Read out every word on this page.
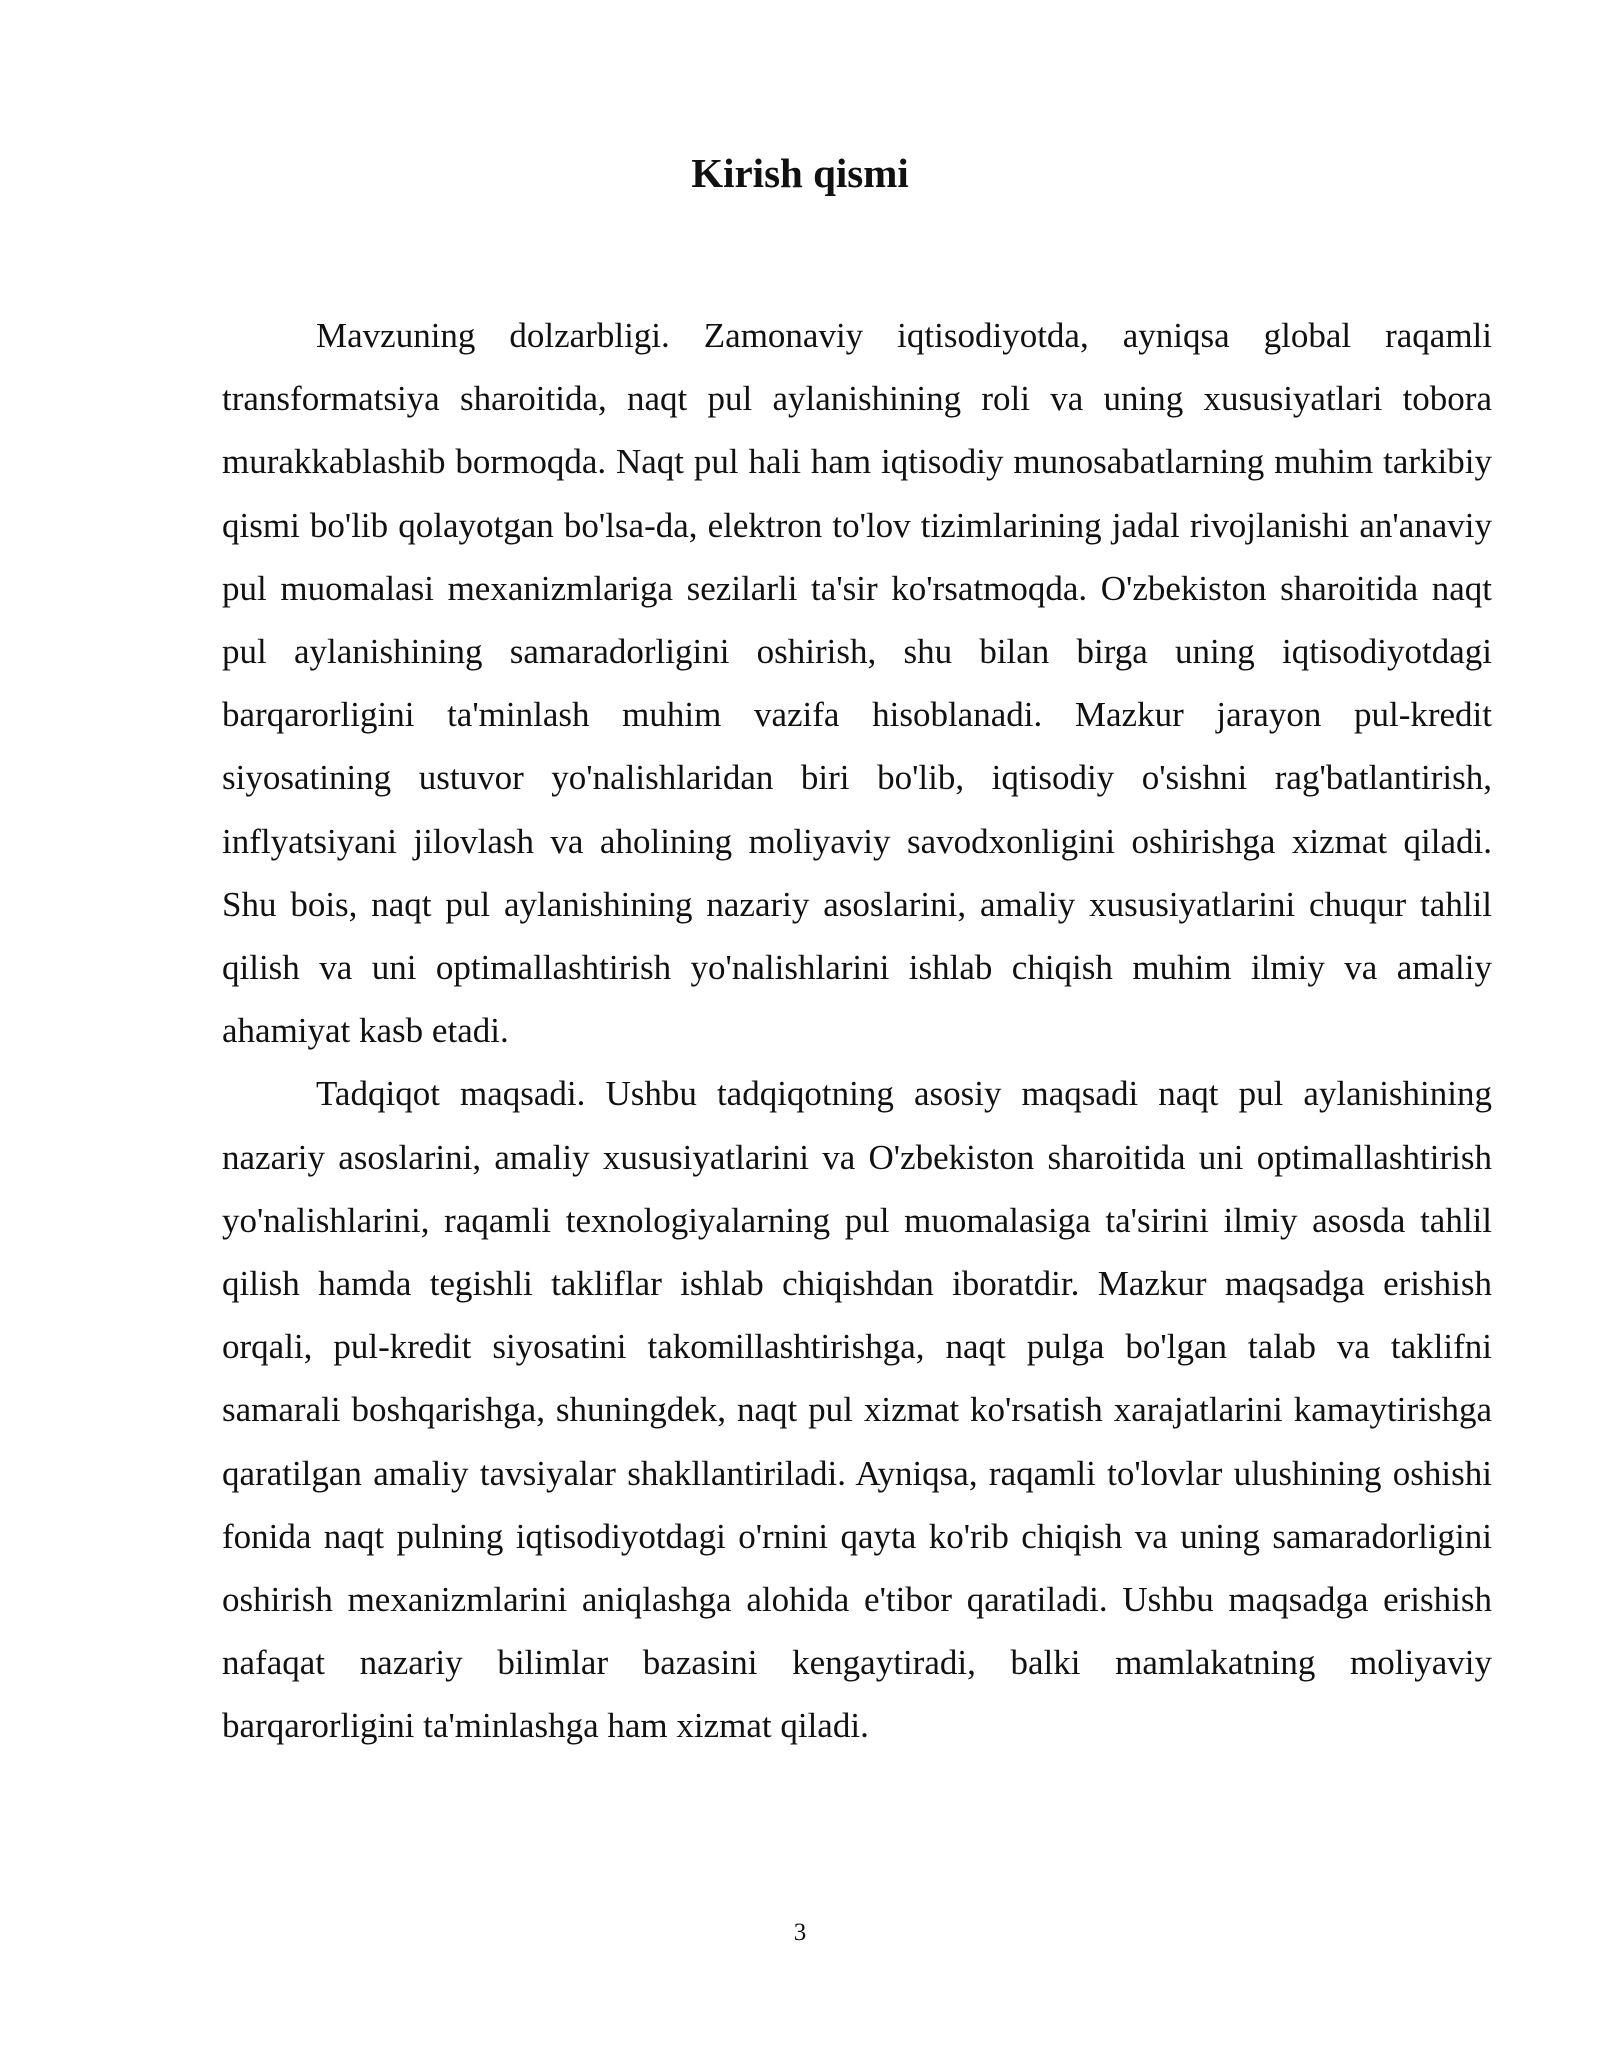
Kirish qismi

Mavzuning dolzarbligi. Zamonaviy iqtisodiyotda, ayniqsa global raqamli transformatsiya sharoitida, naqt pul aylanishining roli va uning xususiyatlari tobora murakkablashib bormoqda. Naqt pul hali ham iqtisodiy munosabatlarning muhim tarkibiy qismi bo'lib qolayotgan bo'lsa-da, elektron to'lov tizimlarining jadal rivojlanishi an'anaviy pul muomalasi mexanizmlariga sezilarli ta'sir ko'rsatmoqda. O'zbekiston sharoitida naqt pul aylanishining samaradorligini oshirish, shu bilan birga uning iqtisodiyotdagi barqarorligini ta'minlash muhim vazifa hisoblanadi. Mazkur jarayon pul-kredit siyosatining ustuvor yo'nalishlaridan biri bo'lib, iqtisodiy o'sishni rag'batlantirish, inflyatsiyani jilovlash va aholining moliyaviy savodxonligini oshirishga xizmat qiladi. Shu bois, naqt pul aylanishining nazariy asoslarini, amaliy xususiyatlarini chuqur tahlil qilish va uni optimallashtirish yo'nalishlarini ishlab chiqish muhim ilmiy va amaliy ahamiyat kasb etadi.

Tadqiqot maqsadi. Ushbu tadqiqotning asosiy maqsadi naqt pul aylanishining nazariy asoslarini, amaliy xususiyatlarini va O'zbekiston sharoitida uni optimallashtirish yo'nalishlarini, raqamli texnologiyalarning pul muomalasiga ta'sirini ilmiy asosda tahlil qilish hamda tegishli takliflar ishlab chiqishdan iboratdir. Mazkur maqsadga erishish orqali, pul-kredit siyosatini takomillashtirishga, naqt pulga bo'lgan talab va taklifni samarali boshqarishga, shuningdek, naqt pul xizmat ko'rsatish xarajatlarini kamaytirishga qaratilgan amaliy tavsiyalar shakllantiriladi. Ayniqsa, raqamli to'lovlar ulushining oshishi fonida naqt pulning iqtisodiyotdagi o'rnini qayta ko'rib chiqish va uning samaradorligini oshirish mexanizmlarini aniqlashga alohida e'tibor qaratiladi. Ushbu maqsadga erishish nafaqat nazariy bilimlar bazasini kengaytiradi, balki mamlakatning moliyaviy barqarorligini ta'minlashga ham xizmat qiladi.

3
